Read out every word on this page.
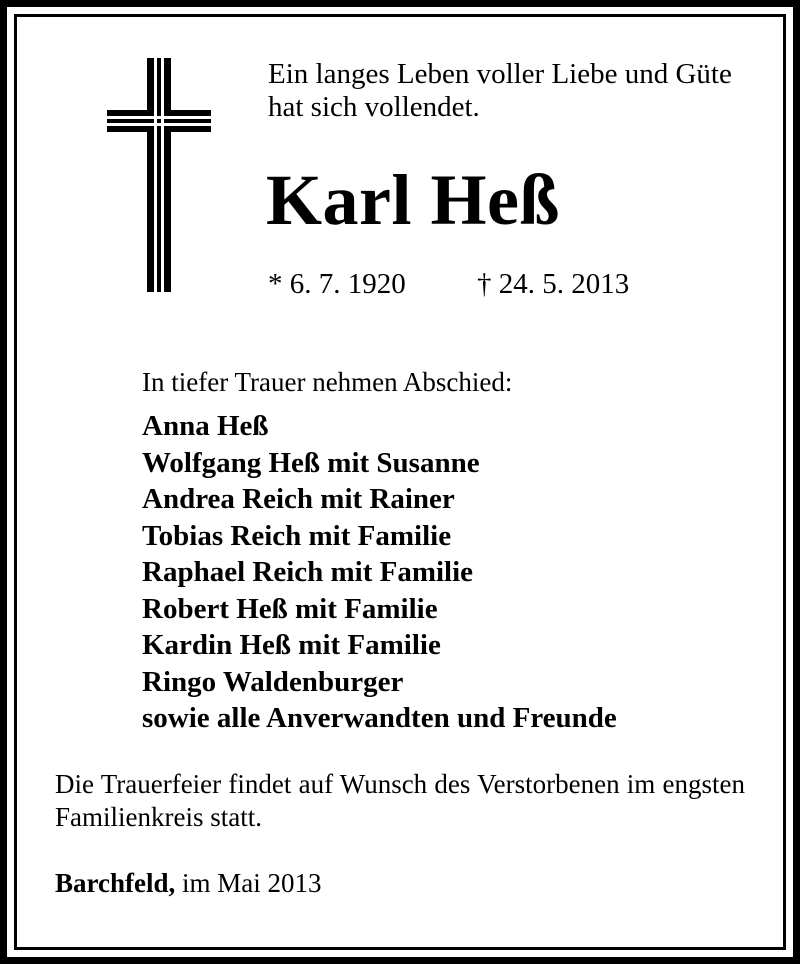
Ein langes Leben voller Liebe und Güte
hat sich vollendet.
Karl Heß
* 6. 7. 1920 † 24. 5. 2013
In tiefer Trauer nehmen Abschied:
Anna Heß
Wolfgang Heß mit Susanne
Andrea Reich mit Rainer
Tobias Reich mit Familie
Raphael Reich mit Familie
Robert Heß mit Familie
Kardin Heß mit Familie
Ringo Waldenburger
sowie alle Anverwandten und Freunde
Die Trauerfeier findet auf Wunsch des Verstorbenen im engsten Familienkreis statt.
Barchfeld, im Mai 2013
